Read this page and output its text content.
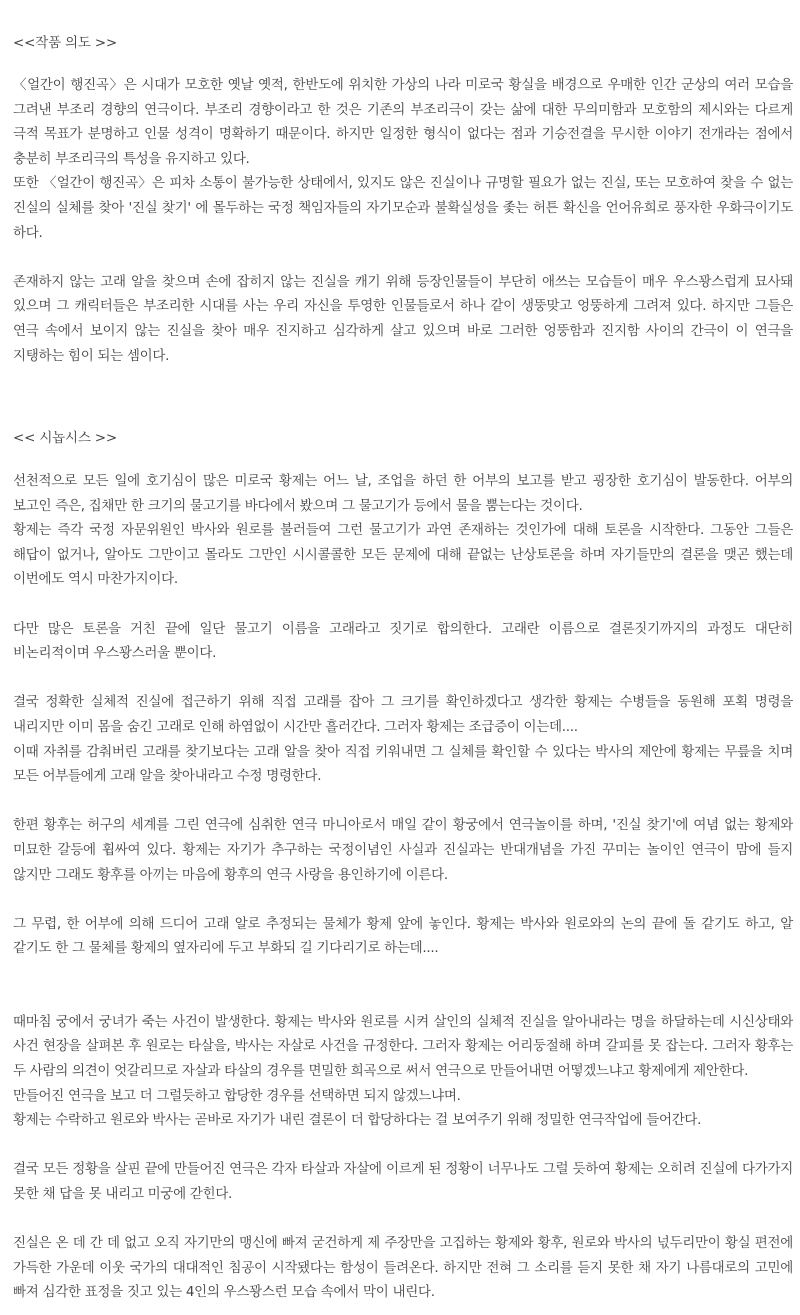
<<작품 의도 >>

〈얼간이 행진곡〉은 시대가 모호한 옛날 옛적, 한반도에 위치한 가상의 나라 미로국 황실을 배경으로 우매한 인간 군상의 여러 모습을 그려낸 부조리 경향의 연극이다. 부조리 경향이라고 한 것은 기존의 부조리극이 갖는 삶에 대한 무의미함과 모호함의 제시와는 다르게 극적 목표가 분명하고 인물 성격이 명확하기 때문이다. 하지만 일정한 형식이 없다는 점과 기승전결을 무시한 이야기 전개라는 점에서 충분히 부조리극의 특성을 유지하고 있다.

또한 〈얼간이 행진곡〉은 피차 소통이 불가능한 상태에서, 있지도 않은 진실이나 규명할 필요가 없는 진실, 또는 모호하여 찾을 수 없는 진실의 실체를 찾아 '진실 찾기' 에 몰두하는 국정 책임자들의 자기모순과 불확실성을 좇는 허튼 확신을 언어유희로 풍자한 우화극이기도 하다.

존재하지 않는 고래 알을 찾으며 손에 잡히지 않는 진실을 캐기 위해 등장인물들이 부단히 애쓰는 모습들이 매우 우스꽝스럽게 묘사돼 있으며 그 캐릭터들은 부조리한 시대를 사는 우리 자신을 투영한 인물들로서 하나 같이 생뚱맞고 엉뚱하게 그려져 있다. 하지만 그들은 연극 속에서 보이지 않는 진실을 찾아 매우 진지하고 심각하게 살고 있으며 바로 그러한 엉뚱함과 진지함 사이의 간극이 이 연극을 지탱하는 힘이 되는 셈이다.

<< 시놉시스 >>

선천적으로 모든 일에 호기심이 많은 미로국 황제는 어느 날, 조업을 하던 한 어부의 보고를 받고 굉장한 호기심이 발동한다. 어부의 보고인 즉은, 집채만 한 크기의 물고기를 바다에서 봤으며 그 물고기가 등에서 물을 뿜는다는 것이다.

황제는 즉각 국정 자문위원인 박사와 원로를 불러들여 그런 물고기가 과연 존재하는 것인가에 대해 토론을 시작한다. 그동안 그들은 해답이 없거나, 알아도 그만이고 몰라도 그만인 시시콜콜한 모든 문제에 대해 끝없는 난상토론을 하며 자기들만의 결론을 맺곤 했는데 이번에도 역시 마찬가지이다.

다만 많은 토론을 거친 끝에 일단 물고기 이름을 고래라고 짓기로 합의한다. 고래란 이름으로 결론짓기까지의 과정도 대단히 비논리적이며 우스꽝스러울 뿐이다.

결국 정확한 실체적 진실에 접근하기 위해 직접 고래를 잡아 그 크기를 확인하겠다고 생각한 황제는 수병들을 동원해 포획 명령을 내리지만 이미 몸을 숨긴 고래로 인해 하염없이 시간만 흘러간다. 그러자 황제는 조급증이 이는데....

이때 자취를 감춰버린 고래를 찾기보다는 고래 알을 찾아 직접 키워내면 그 실체를 확인할 수 있다는 박사의 제안에 황제는 무릎을 치며 모든 어부들에게 고래 알을 찾아내라고 수정 명령한다.

한편 황후는 허구의 세계를 그린 연극에 심취한 연극 마니아로서 매일 같이 황궁에서 연극놀이를 하며, '진실 찾기'에 여념 없는 황제와 미묘한 갈등에 휩싸여 있다. 황제는 자기가 추구하는 국정이념인 사실과 진실과는 반대개념을 가진 꾸미는 놀이인 연극이 맘에 들지 않지만 그래도 황후를 아끼는 마음에 황후의 연극 사랑을 용인하기에 이른다.

그 무렵, 한 어부에 의해 드디어 고래 알로 추정되는 물체가 황제 앞에 놓인다. 황제는 박사와 원로와의 논의 끝에 돌 같기도 하고, 알 같기도 한 그 물체를 황제의 옆자리에 두고 부화되 길 기다리기로 하는데....

때마침 궁에서 궁녀가 죽는 사건이 발생한다. 황제는 박사와 원로를 시켜 살인의 실체적 진실을 알아내라는 명을 하달하는데 시신상태와 사건 현장을 살펴본 후 원로는 타살을, 박사는 자살로 사건을 규정한다. 그러자 황제는 어리둥절해 하며 갈피를 못 잡는다. 그러자 황후는 두 사람의 의견이 엇갈리므로 자살과 타살의 경우를 면밀한 희곡으로 써서 연극으로 만들어내면 어떻겠느냐고 황제에게 제안한다.

만들어진 연극을 보고 더 그럴듯하고 합당한 경우를 선택하면 되지 않겠느냐며.

황제는 수락하고 원로와 박사는 곧바로 자기가 내린 결론이 더 합당하다는 걸 보여주기 위해 정밀한 연극작업에 들어간다.

결국 모든 정황을 살핀 끝에 만들어진 연극은 각자 타살과 자살에 이르게 된 정황이 너무나도 그럴 듯하여 황제는 오히려 진실에 다가가지 못한 채 답을 못 내리고 미궁에 갇힌다.

진실은 온 데 간 데 없고 오직 자기만의 맹신에 빠져 굳건하게 제 주장만을 고집하는 황제와 황후, 원로와 박사의 넋두리만이 황실 편전에 가득한 가운데 이웃 국가의 대대적인 침공이 시작됐다는 함성이 들려온다. 하지만 전혀 그 소리를 듣지 못한 채 자기 나름대로의 고민에 빠져 심각한 표정을 짓고 있는 4인의 우스꽝스런 모습 속에서 막이 내린다.
